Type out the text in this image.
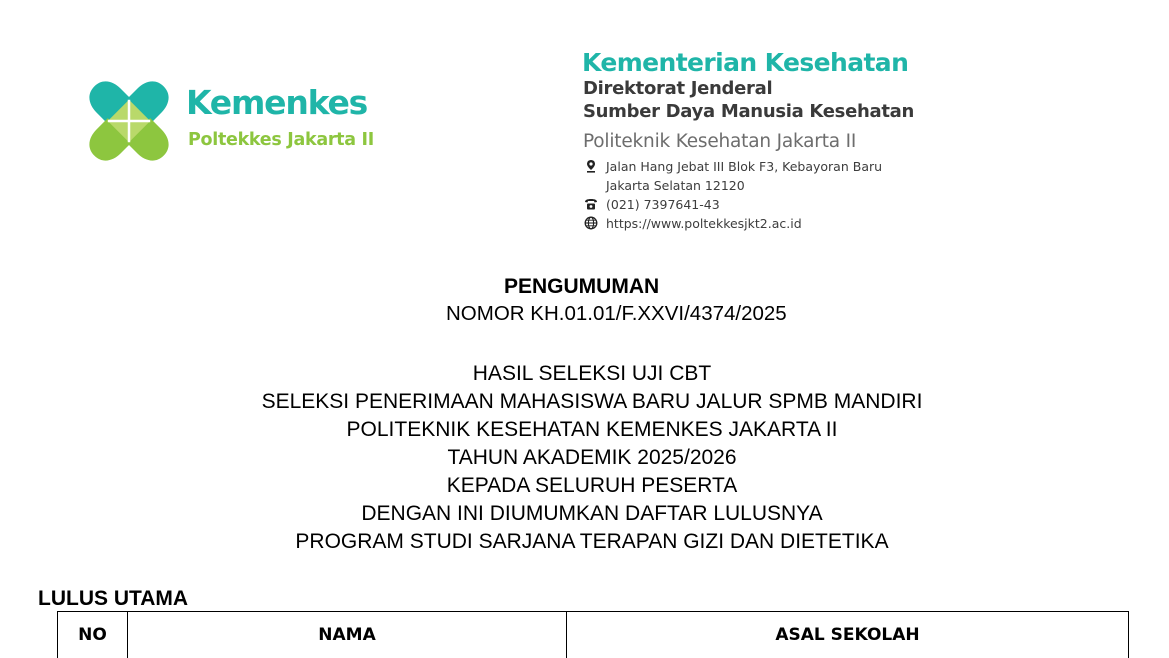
Kemenkes
Poltekkes Jakarta II
Kementerian Kesehatan
Direktorat Jenderal
Sumber Daya Manusia Kesehatan
Politeknik Kesehatan Jakarta II
Jalan Hang Jebat III Blok F3, Kebayoran Baru
Jakarta Selatan 12120
(021) 7397641-43
https://www.poltekkesjkt2.ac.id
PENGUMUMAN
NOMOR KH.01.01/F.XXVI/4374/2025
HASIL SELEKSI UJI CBT
SELEKSI PENERIMAAN MAHASISWA BARU JALUR SPMB MANDIRI
POLITEKNIK KESEHATAN KEMENKES JAKARTA II
TAHUN AKADEMIK 2025/2026
KEPADA SELURUH PESERTA
DENGAN INI DIUMUMKAN DAFTAR LULUSNYA
PROGRAM STUDI SARJANA TERAPAN GIZI DAN DIETETIKA
LULUS UTAMA
NO	NAMA	ASAL SEKOLAH
